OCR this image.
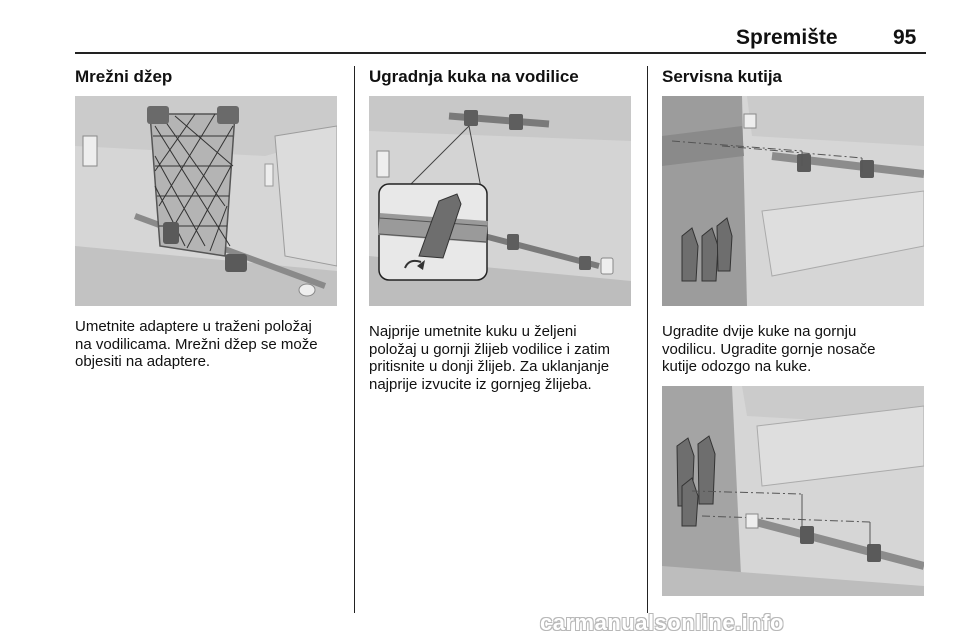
Spremište	95
Mrežni džep
Umetnite adaptere u traženi položaj
na vodilicama. Mrežni džep se može
objesiti na adaptere.
Ugradnja kuka na vodilice
Najprije umetnite kuku u željeni
položaj u gornji žlijeb vodilice i zatim
pritisnite u donji žlijeb. Za uklanjanje
najprije izvucite iz gornjeg žlijeba.
Servisna kutija
Ugradite dvije kuke na gornju
vodilicu. Ugradite gornje nosače
kutije odozgo na kuke.
carmanualsonline.info
